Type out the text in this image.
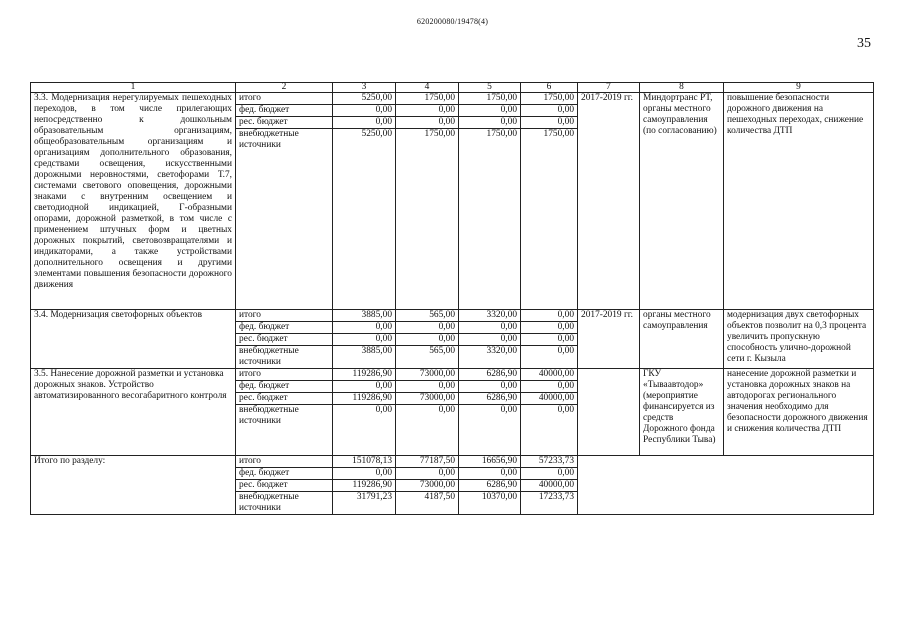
620200080/19478(4)
35
1	2	3	4	5	6	7	8	9
3.3. Модернизация нерегулируемых пешеходных переходов, в том числе прилегающих непосредственно к дошкольным образовательным организациям, общеобразовательным организациям и организациям дополнительного образования, средствами освещения, искусственными дорожными неровностями, светофорами Т.7, системами светового оповещения, дорожными знаками с внутренним освещением и светодиодной индикацией, Г-образными опорами, дорожной разметкой, в том числе с применением штучных форм и цветных дорожных покрытий, световозвращателями и индикаторами, а также устройствами дополнительного освещения и другими элементами повышения безопасности дорожного движения	итого	5250,00	1750,00	1750,00	1750,00	2017-2019 гг.	Миндортранс РТ, органы местного самоуправления (по согласованию)	повышение безопасности дорожного движения на пешеходных переходах, снижение количества ДТП
	фед. бюджет	0,00	0,00	0,00	0,00			
	рес. бюджет	0,00	0,00	0,00	0,00			
	внебюджетные источники	5250,00	1750,00	1750,00	1750,00			
3.4. Модернизация светофорных объектов	итого	3885,00	565,00	3320,00	0,00	2017-2019 гг.	органы местного самоуправления	модернизация двух светофорных объектов позволит на 0,3 процента увеличить пропускную способность улично-дорожной сети г. Кызыла
	фед. бюджет	0,00	0,00	0,00	0,00			
	рес. бюджет	0,00	0,00	0,00	0,00			
	внебюджетные источники	3885,00	565,00	3320,00	0,00			
3.5. Нанесение дорожной разметки и установка дорожных знаков. Устройство автоматизированного весогабаритного контроля	итого	119286,90	73000,00	6286,90	40000,00		ГКУ «Тываавтодор» (мероприятие финансируется из средств Дорожного фонда Республики Тыва)	нанесение дорожной разметки и установка дорожных знаков на автодорогах регионального значения необходимо для безопасности дорожного движения и снижения количества ДТП
	фед. бюджет	0,00	0,00	0,00	0,00			
	рес. бюджет	119286,90	73000,00	6286,90	40000,00			
	внебюджетные источники	0,00	0,00	0,00	0,00			
Итого по разделу:	итого	151078,13	77187,50	16656,90	57233,73			
	фед. бюджет	0,00	0,00	0,00	0,00			
	рес. бюджет	119286,90	73000,00	6286,90	40000,00			
	внебюджетные источники	31791,23	4187,50	10370,00	17233,73			
